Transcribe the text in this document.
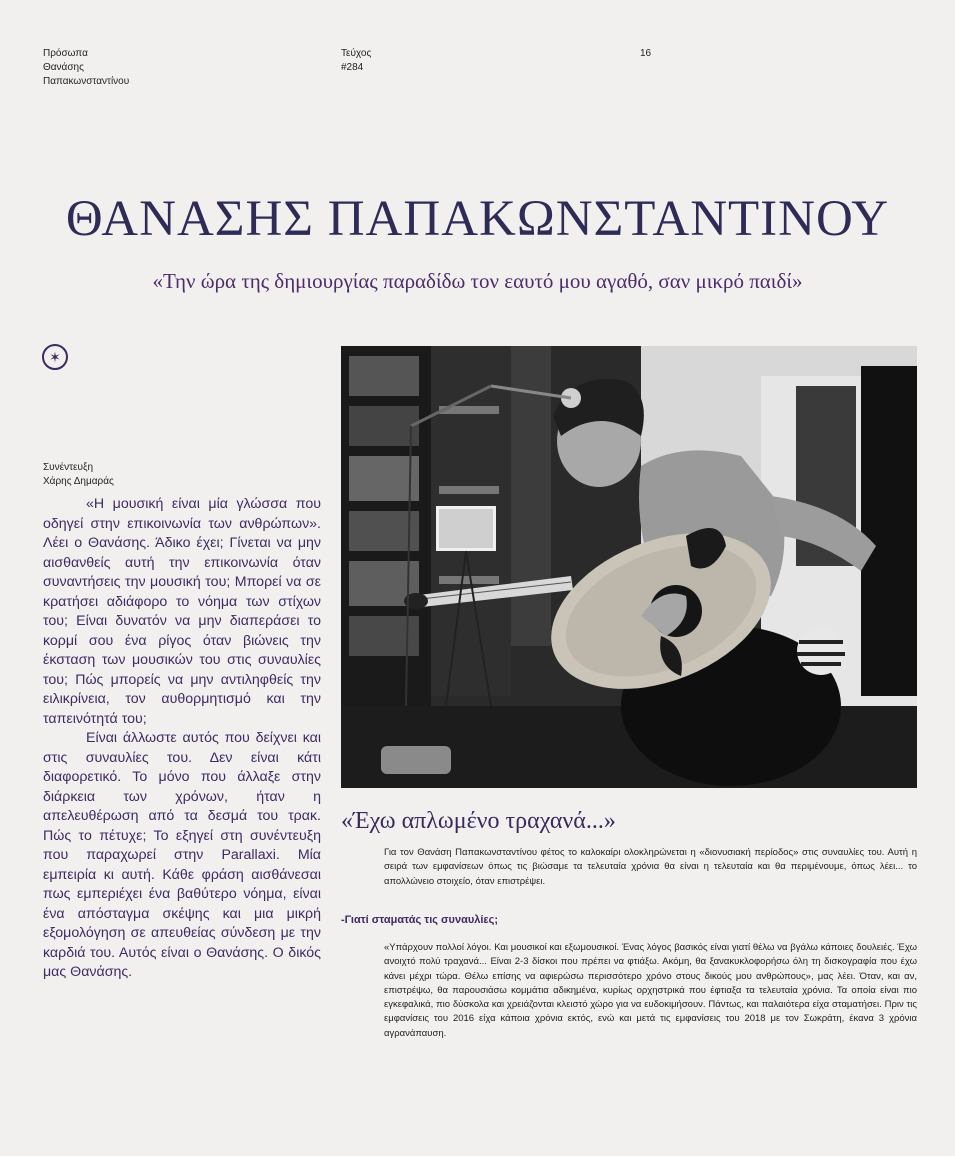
Πρόσωπα
Θανάσης
Παπακωνσταντίνου
Τεύχος
#284
16
ΘΑΝΑΣΗΣ ΠΑΠΑΚΩΝΣΤΑΝΤΙΝΟΥ
«Την ώρα της δημιουργίας παραδίδω τον εαυτό μου αγαθό, σαν μικρό παιδί»
✶
Συνέντευξη
Χάρης Δημαράς

«Η μουσική είναι μία γλώσσα που οδηγεί στην επικοινωνία των ανθρώπων». Λέει ο Θανάσης. Άδικο έχει; Γίνεται να μην αισθανθείς αυτή την επικοινωνία όταν συναντήσεις την μουσική του; Μπορεί να σε κρατήσει αδιάφορο το νόημα των στίχων του; Είναι δυνατόν να μην διαπεράσει το κορμί σου ένα ρίγος όταν βιώνεις την έκσταση των μουσικών του στις συναυλίες του; Πώς μπορείς να μην αντιληφθείς την ειλικρίνεια, τον αυθορμητισμό και την ταπεινότητά του;

Είναι άλλωστε αυτός που δείχνει και στις συναυλίες του. Δεν είναι κάτι διαφορετικό. Το μόνο που άλλαξε στην διάρκεια των χρόνων, ήταν η απελευθέρωση από τα δεσμά του τρακ. Πώς το πέτυχε; Το εξηγεί στη συνέντευξη που παραχωρεί στην Parallaxi. Μία εμπειρία κι αυτή. Κάθε φράση αισθάνεσαι πως εμπεριέχει ένα βαθύτερο νόημα, είναι ένα απόσταγμα σκέψης και μια μικρή εξομολόγηση σε απευθείας σύνδεση με την καρδιά του. Αυτός είναι ο Θανάσης. Ο δικός μας Θανάσης.

«Έχω απλωμένο τραχανά...»
Για τον Θανάση Παπακωνσταντίνου φέτος το καλοκαίρι ολοκληρώνεται η «διονυσιακή περίοδος» στις συναυλίες του. Αυτή η σειρά των εμφανίσεων όπως τις βιώσαμε τα τελευταία χρόνια θα είναι η τελευταία και θα περιμένουμε, όπως λέει... το απολλώνειο στοιχείο, όταν επιστρέψει.
-Γιατί σταματάς τις συναυλίες;
«Υπάρχουν πολλοί λόγοι. Και μουσικοί και εξωμουσικοί. Ένας λόγος βασικός είναι γιατί θέλω να βγάλω κάποιες δουλειές. Έχω ανοιχτό πολύ τραχανά... Είναι 2-3 δίσκοι που πρέπει να φτιάξω. Ακόμη, θα ξανακυκλοφορήσω όλη τη δισκογραφία που έχω κάνει μέχρι τώρα. Θέλω επίσης να αφιερώσω περισσότερο χρόνο στους δικούς μου ανθρώπους», μας λέει. Όταν, και αν, επιστρέψω, θα παρουσιάσω κομμάτια αδικημένα, κυρίως ορχηστρικά που έφτιαξα τα τελευταία χρόνια. Τα οποία είναι πιο εγκεφαλικά, πιο δύσκολα και χρειάζονται κλειστό χώρο για να ευδοκιμήσουν. Πάντως, και παλαιότερα είχα σταματήσει. Πριν τις εμφανίσεις του 2016 είχα κάποια χρόνια εκτός, ενώ και μετά τις εμφανίσεις του 2018 με τον Σωκράτη, έκανα 3 χρόνια αγρανάπαυση.
